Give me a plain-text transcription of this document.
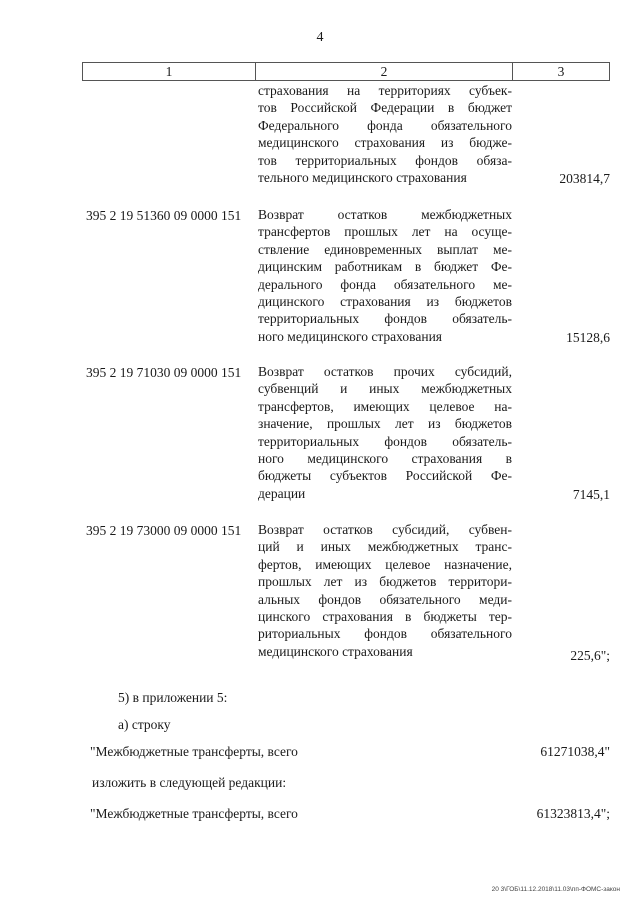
4
1	2	3
страхования на территориях субъек-
тов Российской Федерации в бюджет
Федерального фонда обязательного
медицинского страхования из бюдже-
тов территориальных фондов обяза-
тельного медицинского страхования	203814,7
395 2 19 51360 09 0000 151 Возврат остатков межбюджетных
трансфертов прошлых лет на осуще-
ствление единовременных выплат ме-
дицинским работникам в бюджет Фе-
дерального фонда обязательного ме-
дицинского страхования из бюджетов
территориальных фондов обязатель-
ного медицинского страхования	15128,6
395 2 19 71030 09 0000 151 Возврат остатков прочих субсидий,
субвенций и иных межбюджетных
трансфертов, имеющих целевое на-
значение, прошлых лет из бюджетов
территориальных фондов обязатель-
ного медицинского страхования в
бюджеты субъектов Российской Фе-
дерации	7145,1
395 2 19 73000 09 0000 151 Возврат остатков субсидий, субвен-
ций и иных межбюджетных транс-
фертов, имеющих целевое назначение,
прошлых лет из бюджетов территори-
альных фондов обязательного меди-
цинского страхования в бюджеты тер-
риториальных фондов обязательного
медицинского страхования	225,6";
5) в приложении 5:
а) строку
"Межбюджетные трансферты, всего	61271038,4"
изложить в следующей редакции:
"Межбюджетные трансферты, всего	61323813,4";
20 3\ГОБ\11.12.2018\11.03\пп-ФОМС-закон
